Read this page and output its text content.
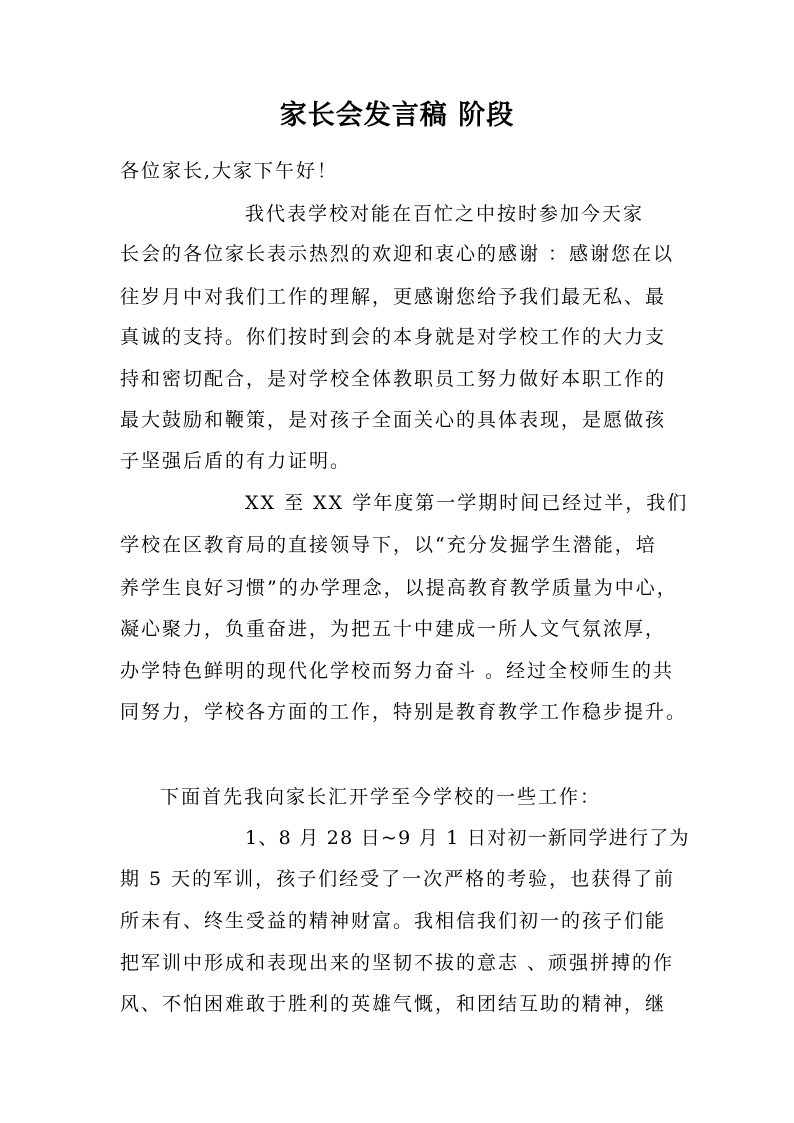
家长会发言稿 阶段
各位家长,大家下午好！
我代表学校对能在百忙之中按时参加今天家
长会的各位家长表示热烈的欢迎和衷心的感谢 ：感谢您在以
往岁月中对我们工作的理解，更感谢您给予我们最无私、最
真诚的支持。你们按时到会的本身就是对学校工作的大力支
持和密切配合，是对学校全体教职员工努力做好本职工作的
最大鼓励和鞭策，是对孩子全面关心的具体表现，是愿做孩
子坚强后盾的有力证明。
XX 至 XX 学年度第一学期时间已经过半，我们
学校在区教育局的直接领导下，以“充分发掘学生潜能，培
养学生良好习惯”的办学理念，以提高教育教学质量为中心，
凝心聚力，负重奋进，为把五十中建成一所人文气氛浓厚，
办学特色鲜明的现代化学校而努力奋斗 。经过全校师生的共
同努力，学校各方面的工作，特别是教育教学工作稳步提升。
下面首先我向家长汇开学至今学校的一些工作：
1、8 月 28 日~9 月 1 日对初一新同学进行了为
期 5 天的军训，孩子们经受了一次严格的考验，也获得了前
所未有、终生受益的精神财富。我相信我们初一的孩子们能
把军训中形成和表现出来的坚韧不拔的意志 、顽强拼搏的作
风、不怕困难敢于胜利的英雄气慨，和团结互助的精神，继
